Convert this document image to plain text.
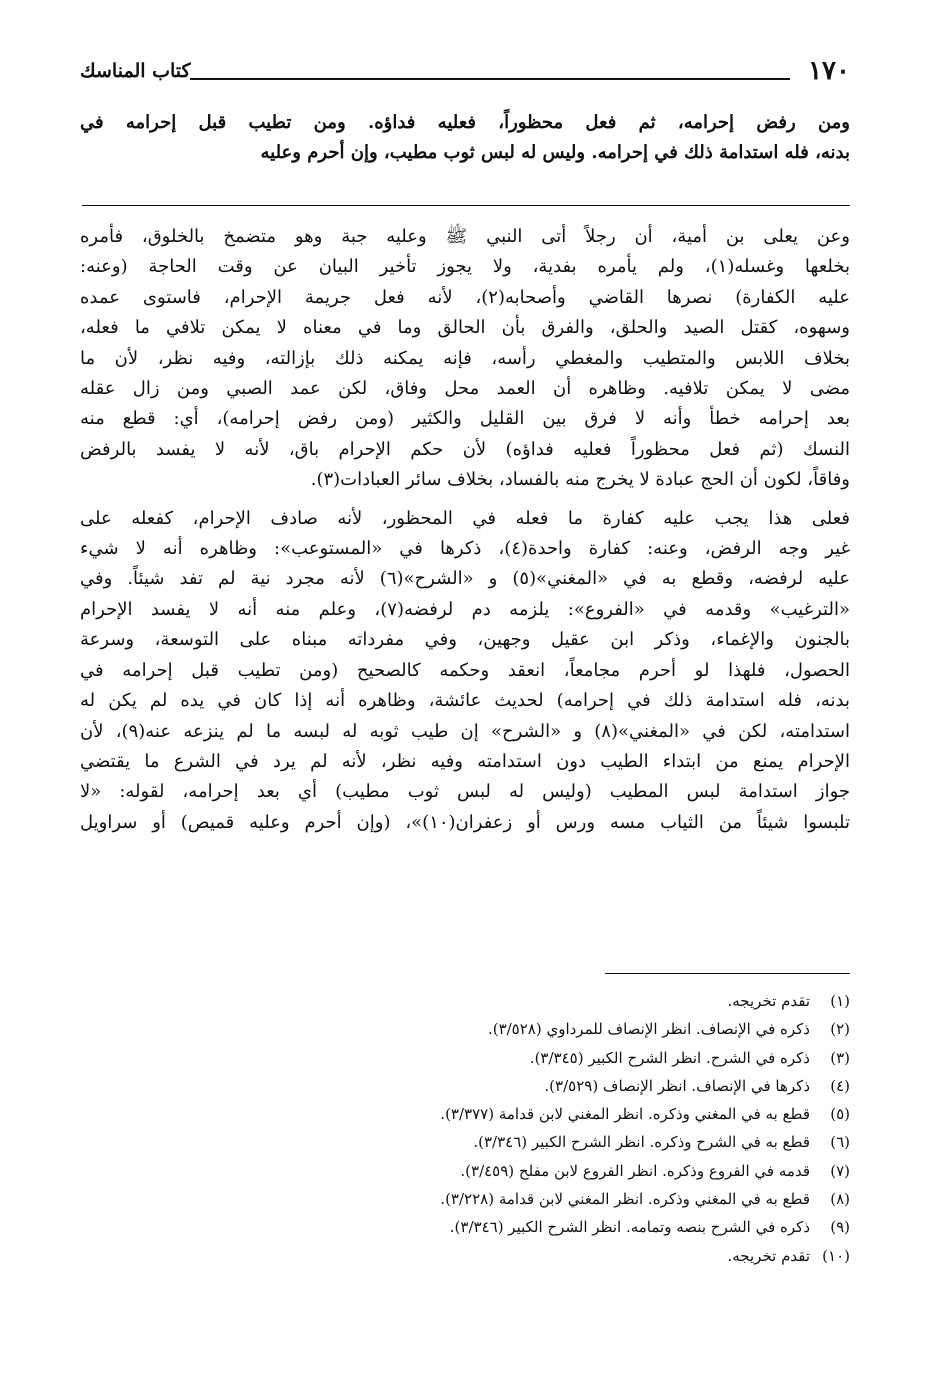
١٧٠
كتاب المناسك
ومن رفض إحرامه، ثم فعل محظوراً، فعليه فداؤه. ومن تطيب قبل إحرامه في
بدنه، فله استدامة ذلك في إحرامه. وليس له لبس ثوب مطيب، وإن أحرم وعليه
وعن يعلى بن أمية، أن رجلاً أتى النبي ﷺ وعليه جبة وهو متضمخ بالخلوق، فأمره
بخلعها وغسله(١)، ولم يأمره بفدية، ولا يجوز تأخير البيان عن وقت الحاجة (وعنه:
عليه الكفارة) نصرها القاضي وأصحابه(٢)، لأنه فعل جريمة الإحرام، فاستوى عمده
وسهوه، كقتل الصيد والحلق، والفرق بأن الحالق وما في معناه لا يمكن تلافي ما فعله،
بخلاف اللابس والمتطيب والمغطي رأسه، فإنه يمكنه ذلك بإزالته، وفيه نظر، لأن ما
مضى لا يمكن تلافيه. وظاهره أن العمد محل وفاق، لكن عمد الصبي ومن زال عقله
بعد إحرامه خطأ وأنه لا فرق بين القليل والكثير (ومن رفض إحرامه)، أي: قطع منه
النسك (ثم فعل محظوراً فعليه فداؤه) لأن حكم الإحرام باق، لأنه لا يفسد بالرفض
وفاقاً، لكون أن الحج عبادة لا يخرج منه بالفساد، بخلاف سائر العبادات(٣).
فعلى هذا يجب عليه كفارة ما فعله في المحظور، لأنه صادف الإحرام، كفعله على
غير وجه الرفض، وعنه: كفارة واحدة(٤)، ذكرها في «المستوعب»: وظاهره أنه لا شيء
عليه لرفضه، وقطع به في «المغني»(٥) و «الشرح»(٦) لأنه مجرد نية لم تفد شيئاً. وفي
«الترغيب» وقدمه في «الفروع»: يلزمه دم لرفضه(٧)، وعلم منه أنه لا يفسد الإحرام
بالجنون والإغماء، وذكر ابن عقيل وجهين، وفي مفرداته مبناه على التوسعة، وسرعة
الحصول، فلهذا لو أحرم مجامعاً، انعقد وحكمه كالصحيح (ومن تطيب قبل إحرامه في
بدنه، فله استدامة ذلك في إحرامه) لحديث عائشة، وظاهره أنه إذا كان في يده لم يكن له
استدامته، لكن في «المغني»(٨) و «الشرح» إن طيب ثوبه له لبسه ما لم ينزعه عنه(٩)، لأن
الإحرام يمنع من ابتداء الطيب دون استدامته وفيه نظر، لأنه لم يرد في الشرع ما يقتضي
جواز استدامة لبس المطيب (وليس له لبس ثوب مطيب) أي بعد إحرامه، لقوله: «لا
تلبسوا شيئاً من الثياب مسه ورس أو زعفران(١٠)»، (وإن أحرم وعليه قميص) أو سراويل
(١)
تقدم تخريجه.
(٢)
ذكره في الإنصاف. انظر الإنصاف للمرداوي (٣/٥٢٨).
(٣)
ذكره في الشرح. انظر الشرح الكبير (٣/٣٤٥).
(٤)
ذكرها في الإنصاف. انظر الإنصاف (٣/٥٢٩).
(٥)
قطع به في المغني وذكره. انظر المغني لابن قدامة (٣/٣٧٧).
(٦)
قطع به في الشرح وذكره. انظر الشرح الكبير (٣/٣٤٦).
(٧)
قدمه في الفروع وذكره. انظر الفروع لابن مفلح (٣/٤٥٩).
(٨)
قطع به في المغني وذكره. انظر المغني لابن قدامة (٣/٢٢٨).
(٩)
ذكره في الشرح بنصه وتمامه. انظر الشرح الكبير (٣/٣٤٦).
(١٠)
تقدم تخريجه.
